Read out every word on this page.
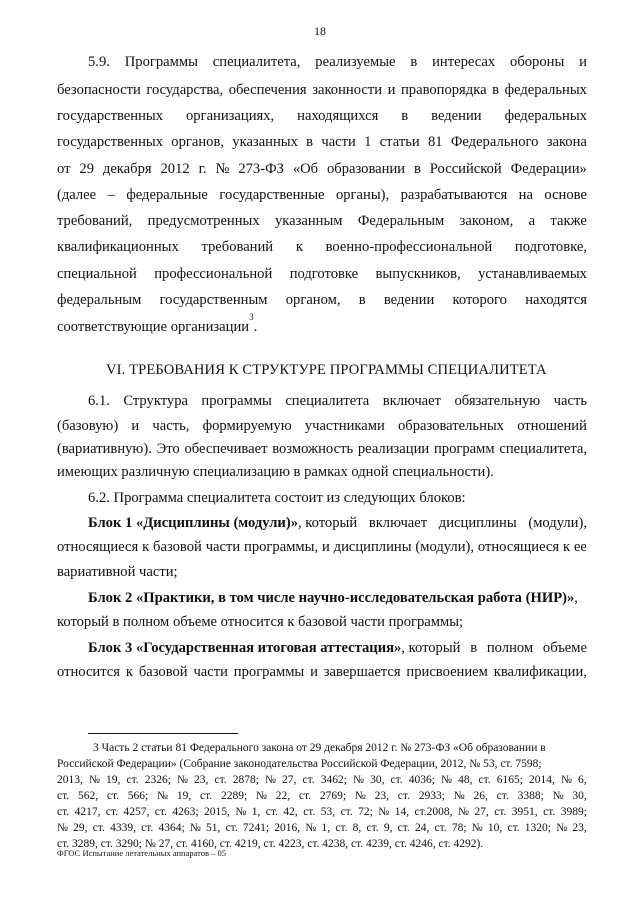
18
5.9. Программы специалитета, реализуемые в интересах обороны и
безопасности государства, обеспечения законности и правопорядка в федеральных
государственных организациях, находящихся в ведении федеральных
государственных органов, указанных в части 1 статьи 81 Федерального закона
от 29 декабря 2012 г. № 273-ФЗ «Об образовании в Российской Федерации»
(далее – федеральные государственные органы), разрабатываются на основе
требований, предусмотренных указанным Федеральным законом, а также
квалификационных требований к военно-профессиональной подготовке,
специальной профессиональной подготовке выпускников, устанавливаемых
федеральным государственным органом, в ведении которого находятся
соответствующие организации
3
.
VI. ТРЕБОВАНИЯ К СТРУКТУРЕ ПРОГРАММЫ СПЕЦИАЛИТЕТА
6.1. Структура программы специалитета включает обязательную часть
(базовую) и часть, формируемую участниками образовательных отношений
(вариативную). Это обеспечивает возможность реализации программ специалитета,
имеющих различную специализацию в рамках одной специальности).
6.2. Программа специалитета состоит из следующих блоков:
Блок 1 «Дисциплины (модули)», который включает дисциплины (модули),
относящиеся к базовой части программы, и дисциплины (модули), относящиеся к ее
вариативной части;
Блок 2 «Практики, в том числе научно-исследовательская работа (НИР)» ,
который в полном объеме относится к базовой части программы;
Блок 3 «Государственная итоговая аттестация», который в полном объеме
относится к базовой части программы и завершается присвоением квалификации,
3 Часть 2 статьи 81 Федерального закона от 29 декабря 2012 г. № 273-ФЗ «Об образовании в
Российской Федерации» (Собрание законодательства Российской Федерации, 2012, № 53, ст. 7598;
2013, № 19, ст. 2326; № 23, ст. 2878; № 27, ст. 3462; № 30, ст. 4036; № 48, ст. 6165; 2014, № 6,
ст. 562, ст. 566; № 19, ст. 2289; № 22, ст. 2769; № 23, ст. 2933; № 26, ст. 3388; № 30,
ст. 4217, ст. 4257, ст. 4263; 2015, № 1, ст. 42, ст. 53, ст. 72; № 14, ст.2008, № 27, ст. 3951, ст. 3989;
№ 29, ст. 4339, ст. 4364; № 51, ст. 7241; 2016, № 1, ст. 8, ст. 9, ст. 24, ст. 78; № 10, ст. 1320; № 23,
ст. 3289, ст. 3290; № 27, ст. 4160, ст. 4219, ст. 4223, ст. 4238, ст. 4239, ст. 4246, ст. 4292).
ФГОС Испытание летательных аппаратов – 05
